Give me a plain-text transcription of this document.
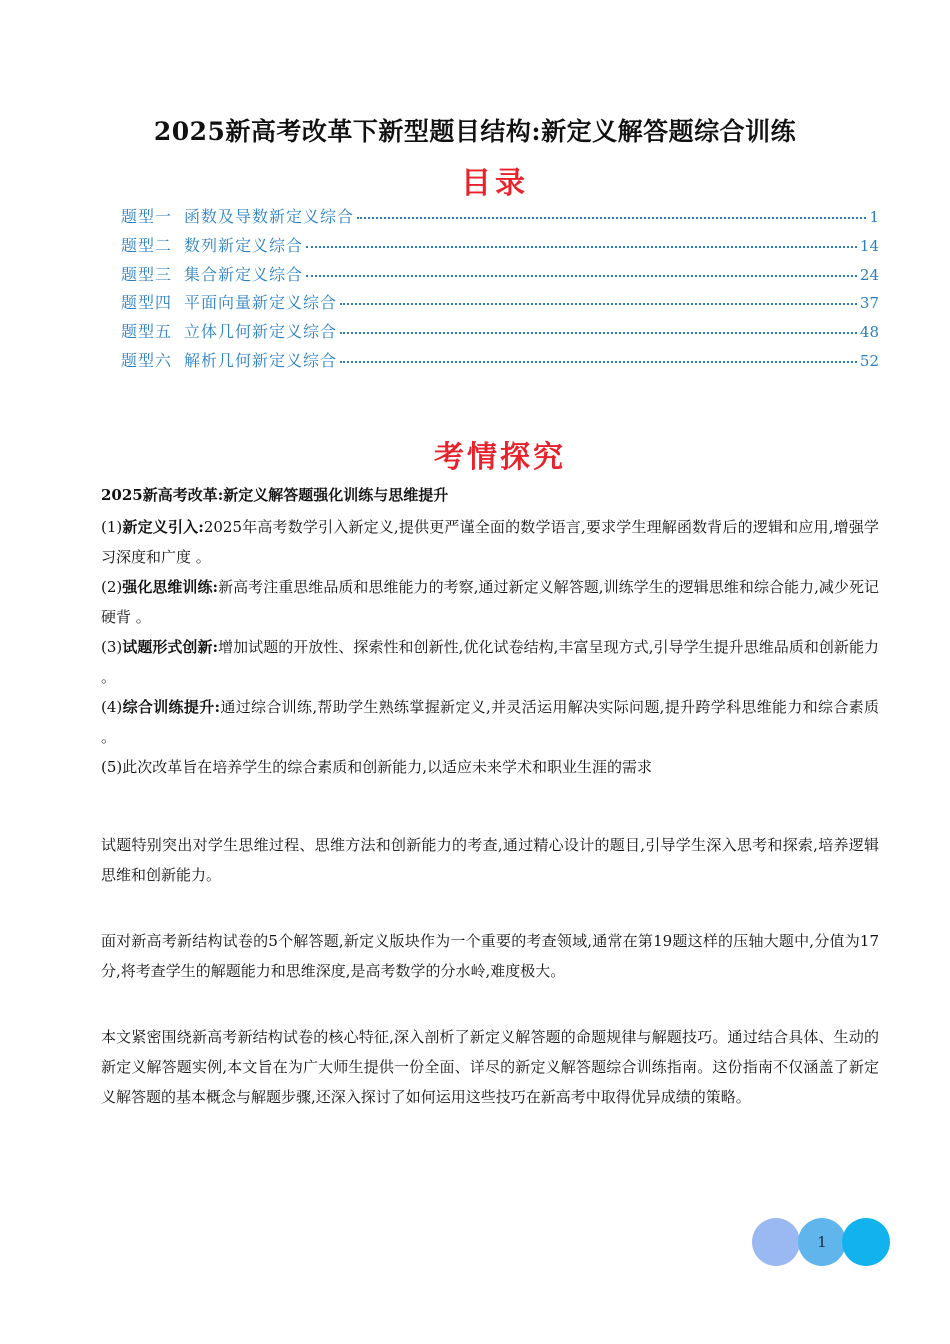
2025新高考改革下新型题目结构:新定义解答题综合训练
目录
题型一 函数及导数新定义综合	1
题型二 数列新定义综合	14
题型三 集合新定义综合	24
题型四 平面向量新定义综合	37
题型五 立体几何新定义综合	48
题型六 解析几何新定义综合	52
考情探究
2025新高考改革:新定义解答题强化训练与思维提升

(1)新定义引入:2025年高考数学引入新定义,提供更严谨全面的数学语言,要求学生理解函数背后的逻辑和应用,增强学习深度和广度 。

(2)强化思维训练:新高考注重思维品质和思维能力的考察,通过新定义解答题,训练学生的逻辑思维和综合能力,减少死记硬背 。

(3)试题形式创新:增加试题的开放性、探索性和创新性,优化试卷结构,丰富呈现方式,引导学生提升思维品质和创新能力 。

(4)综合训练提升:通过综合训练,帮助学生熟练掌握新定义,并灵活运用解决实际问题,提升跨学科思维能力和综合素质 。

(5)此次改革旨在培养学生的综合素质和创新能力,以适应未来学术和职业生涯的需求

试题特别突出对学生思维过程、思维方法和创新能力的考查,通过精心设计的题目,引导学生深入思考和探索,培养逻辑思维和创新能力。

面对新高考新结构试卷的5个解答题,新定义版块作为一个重要的考查领域,通常在第19题这样的压轴大题中,分值为17分,将考查学生的解题能力和思维深度,是高考数学的分水岭,难度极大。

本文紧密围绕新高考新结构试卷的核心特征,深入剖析了新定义解答题的命题规律与解题技巧。通过结合具体、生动的新定义解答题实例,本文旨在为广大师生提供一份全面、详尽的新定义解答题综合训练指南。这份指南不仅涵盖了新定义解答题的基本概念与解题步骤,还深入探讨了如何运用这些技巧在新高考中取得优异成绩的策略。

1
